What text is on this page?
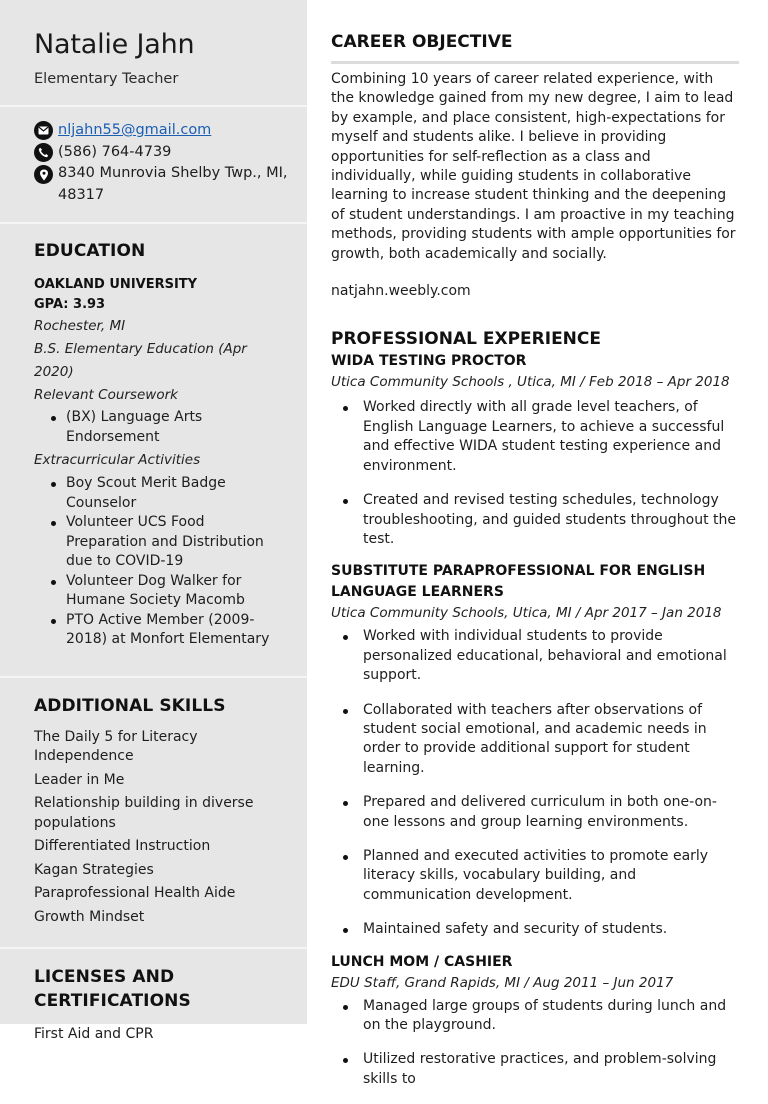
Natalie Jahn
Elementary Teacher
nljahn55@gmail.com
(586) 764-4739
8340 Munrovia Shelby Twp., MI, 48317
EDUCATION
OAKLAND UNIVERSITY
GPA: 3.93
Rochester, MI
B.S. Elementary Education (Apr 2020)
Relevant Coursework
(BX) Language Arts Endorsement
Extracurricular Activities
Boy Scout Merit Badge Counselor
Volunteer UCS Food Preparation and Distribution due to COVID-19
Volunteer Dog Walker for Humane Society Macomb
PTO Active Member (2009-2018) at Monfort Elementary
ADDITIONAL SKILLS
The Daily 5 for Literacy Independence
Leader in Me
Relationship building in diverse populations
Differentiated Instruction
Kagan Strategies
Paraprofessional Health Aide
Growth Mindset
LICENSES AND CERTIFICATIONS
First Aid and CPR
CAREER OBJECTIVE

Combining 10 years of career related experience, with the knowledge gained from my new degree, I aim to lead by example, and place consistent, high-expectations for myself and students alike. I believe in providing opportunities for self-reflection as a class and individually, while guiding students in collaborative learning to increase student thinking and the deepening of student understandings. I am proactive in my teaching methods, providing students with ample opportunities for growth, both academically and socially.

natjahn.weebly.com

PROFESSIONAL EXPERIENCE
WIDA TESTING PROCTOR
Utica Community Schools , Utica, MI / Feb 2018 – Apr 2018
Worked directly with all grade level teachers, of English Language Learners, to achieve a successful and effective WIDA student testing experience and environment.
Created and revised testing schedules, technology troubleshooting, and guided students throughout the test.
SUBSTITUTE PARAPROFESSIONAL FOR ENGLISH LANGUAGE LEARNERS
Utica Community Schools, Utica, MI / Apr 2017 – Jan 2018
Worked with individual students to provide personalized educational, behavioral and emotional support.
Collaborated with teachers after observations of student social emotional, and academic needs in order to provide additional support for student learning.
Prepared and delivered curriculum in both one-on-one lessons and group learning environments.
Planned and executed activities to promote early literacy skills, vocabulary building, and communication development.
Maintained safety and security of students.
LUNCH MOM / CASHIER
EDU Staff, Grand Rapids, MI / Aug 2011 – Jun 2017
Managed large groups of students during lunch and on the playground.
Utilized restorative practices, and problem-solving skills to
